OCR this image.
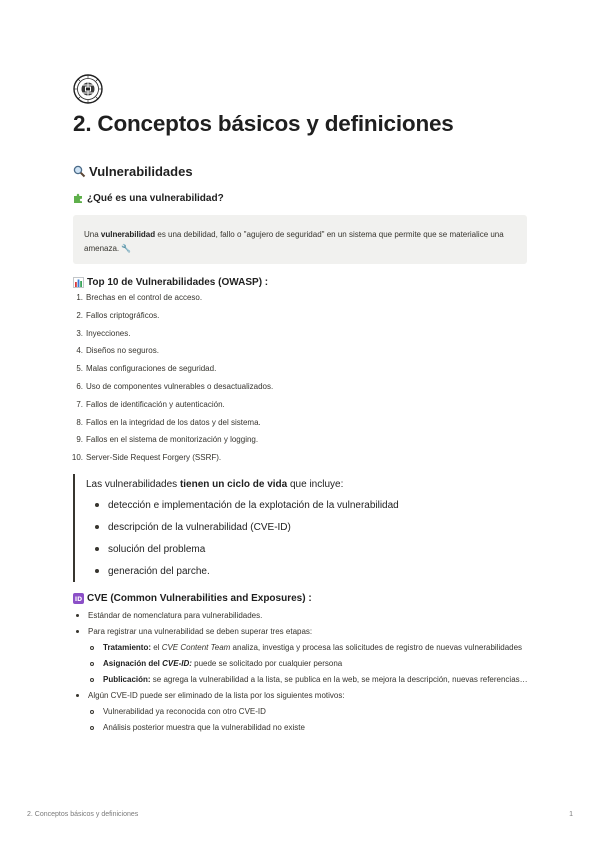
2. Conceptos básicos y definiciones
Vulnerabilidades
¿Qué es una vulnerabilidad?
Una vulnerabilidad es una debilidad, fallo o "agujero de seguridad" en un sistema que permite que se materialice una amenaza. 🔧
Top 10 de Vulnerabilidades (OWASP) :
1. Brechas en el control de acceso.
2. Fallos criptográficos.
3. Inyecciones.
4. Diseños no seguros.
5. Malas configuraciones de seguridad.
6. Uso de componentes vulnerables o desactualizados.
7. Fallos de identificación y autenticación.
8. Fallos en la integridad de los datos y del sistema.
9. Fallos en el sistema de monitorización y logging.
10. Server-Side Request Forgery (SSRF).
Las vulnerabilidades tienen un ciclo de vida que incluye:
detección e implementación de la explotación de la vulnerabilidad
descripción de la vulnerabilidad (CVE-ID)
solución del problema
generación del parche.
ID CVE (Common Vulnerabilities and Exposures) :
Estándar de nomenclatura para vulnerabilidades.
Para registrar una vulnerabilidad se deben superar tres etapas:
Tratamiento: el CVE Content Team analiza, investiga y procesa las solicitudes de registro de nuevas vulnerabilidades
Asignación del CVE-ID: puede se solicitado por cualquier persona
Publicación: se agrega la vulnerabilidad a la lista, se publica en la web, se mejora la descripción, nuevas referencias…
Algún CVE-ID puede ser eliminado de la lista por los siguientes motivos:
Vulnerabilidad ya reconocida con otro CVE-ID
Análisis posterior muestra que la vulnerabilidad no existe
2. Conceptos básicos y definiciones	1
